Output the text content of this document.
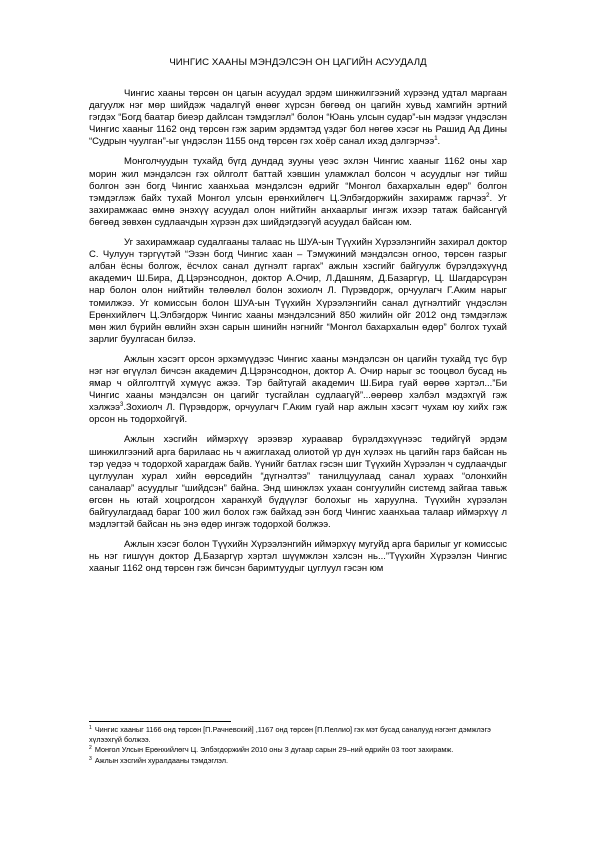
ЧИНГИС ХААНЫ МЭНДЭЛСЭН ОН ЦАГИЙН АСУУДАЛД

Чингис хааны төрсөн он цагын асуудал эрдэм шинжилгээний хүрээнд удтал маргаан дагуулж нэг мөр шийдэж чадалгүй өнөөг хүрсэн бөгөөд он цагийн хувьд хамгийн эртний гэгдэх “Богд баатар биеэр дайлсан тэмдэглэл” болон “Юань улсын судар”-ын мэдээг үндэслэн Чингис хааныг 1162 онд төрсөн гэж зарим эрдэмтэд үздэг бол нөгөө хэсэг нь Рашид Ад Дины “Судрын чуулган”-ыг үндэслэн 1155 онд төрсөн гэх хоёр санал ихэд дэлгэрчээ$^1$.

Монголчуудын тухайд бүгд дундад зууны үеэс эхлэн Чингис хааныг 1162 оны хар морин жил мэндэлсэн гэх ойлголт баттай хэвшин уламжлал болсон ч асуудлыг нэг тийш болгон ээн богд Чингис хаанхьаа мэндэлсэн өдрийг “Монгол бахархалын өдөр” болгон тэмдэглэж байх тухай Монгол улсын ерөнхийлөгч Ц.Элбэгдоржийн захирамж гарчээ$^2$. Уг захирамжаас өмнө энэхүү асуудал олон нийтийн анхаарлыг ингэж ихээр татаж байсангүй бөгөөд зөвхөн судлаачдын хүрээн дэх шийдэгдээгүй асуудал байсан юм.

Уг захирамжаар судалгааны талаас нь ШУА-ын Түүхийн Хүрээлэнгийн захирал доктор С. Чулуун тэргүүтэй “Эзэн богд Чингис хаан – Тэмүжиний мэндэлсэн огноо, төрсөн газрыг албан ёсны болгож, ёсчлох санал дүгнэлт гаргах” ажлын хэсгийг байгуулж бүрэлдэхүүнд академич Ш.Бира, Д.Цэрэнсоднон, доктор А.Очир, Л.Дашням, Д.Базаргүр, Ц. Шагдарсүрэн нар болон олон нийтийн төлөөлөл болон зохиолч Л. Пүрэвдорж, орчуулагч Г.Аким нарыг томилжээ. Уг комиссын болон ШУА-ын Түүхийн Хүрээлэнгийн санал дүгнэлтийг үндэслэн Ерөнхийлөгч Ц.Элбэгдорж Чингис хааны мэндэлсэний 850 жилийн ойг 2012 онд тэмдэглэж мөн жил бүрийн өвлийн эхэн сарын шинийн нэгнийг “Монгол бахархалын өдөр” болгох тухай зарлиг буулгасан билээ.

Ажлын хэсэгт орсон эрхэмүүдээс Чингис хааны мэндэлсэн он цагийн тухайд түс бүр нэг нэг өгүүлэл бичсэн академич Д.Цэрэнсоднон, доктор А. Очир нарыг эс тооцвол бусад нь ямар ч ойлголтгүй хүмүүс ажээ. Тэр байтугай академич Ш.Бира гуай өөрөө хэртэл...”Би Чингис хааны мэндэлсэн он цагийг тусгайлан судлаагүй”...өөрөөр хэлбэл мэдэхгүй гэж хэлжээ$^3$.Зохиолч Л. Пүрэвдорж, орчуулагч Г.Аким гуай нар ажлын хэсэгт чухам юу хийх гэж орсон нь тодорхойгүй.

Ажлын хэсгийн иймэрхүү эрээвэр хураавар бүрэлдэхүүнээс төдийгүй эрдэм шинжилгээний арга барилаас нь ч ажиглахад олиотой үр дүн хүлээх нь цагийн гарз байсан нь тэр үедээ ч тодорхой харагдаж байв. Үүнийг батлах гэсэн шиг Түүхийн Хүрээлэн ч судлаачдыг цуглуулан хурал хийн өөрсөдийн “дүгнэлтээ” танилцуулаад санал хураах “олонхийн саналаар” асуудлыг “шийдсэн” байна. Энд шинжлэх ухаан сонгуулийн системд зайгаа тавьж өгсөн нь ютай хоцрогдсон харанхуй бүдүүлэг болохыг нь харуулна. Түүхийн хүрээлэн байгуулагдаад бараг 100 жил болох гэж байхад ээн богд Чингис хаанхьаа талаар иймэрхүү л мэдлэгтэй байсан нь энэ өдөр ингэж тодорхой болжээ.

Ажлын хэсэг болон Түүхийн Хүрээлэнгийн иймэрхүү мугуйд арга барилыг уг комиссыс нь нэг гишүүн доктор Д.Базаргүр хэртэл шүүмжлэн хэлсэн нь...”Түүхийн Хүрээлэн Чингис хааныг 1162 онд төрсөн гэж бичсэн баримтуудыг цуглуул гэсэн юм

$^1$ Чингис хааныг 1166 онд төрсөн [П.Рачневский] ,1167 онд төрсөн [П.Пеллио] гэх мэт бусад саналууд нэгэнт дэмжлэгэ хүлээхгүй болжээ.

$^2$ Монгол Улсын Ерөнхийлөгч Ц. Элбэгдоржийн 2010 оны 3 дугаар сарын 29–ний өдрийн 03 тоот захирамж.

$^3$ Ажлын хэсгийн хуралдааны тэмдэглэл.
